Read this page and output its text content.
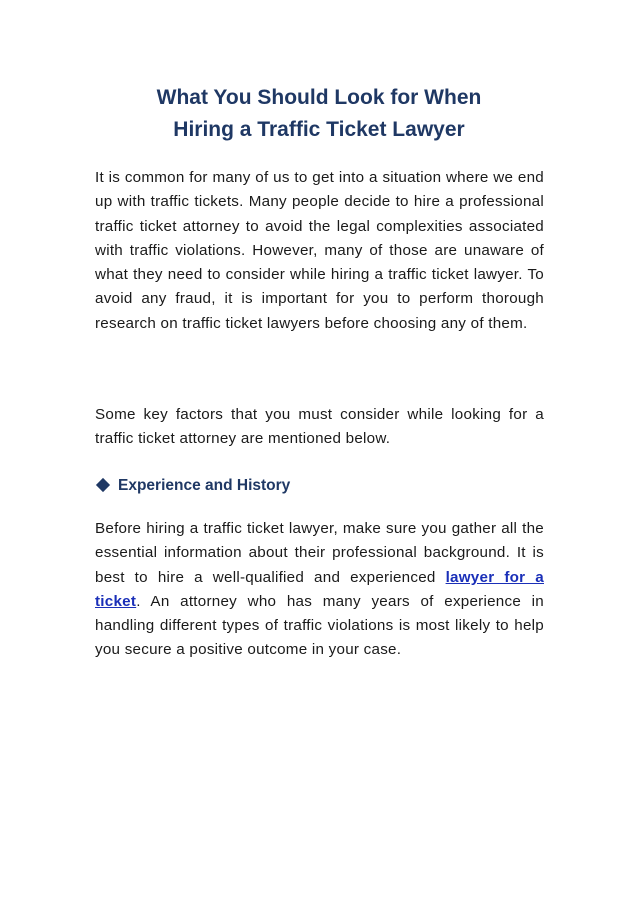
What You Should Look for When
Hiring a Traffic Ticket Lawyer

It is common for many of us to get into a situation where we end up with traffic tickets. Many people decide to hire a professional traffic ticket attorney to avoid the legal complexities associated with traffic violations. However, many of those are unaware of what they need to consider while hiring a traffic ticket lawyer. To avoid any fraud, it is important for you to perform thorough research on traffic ticket lawyers before choosing any of them.

Some key factors that you must consider while looking for a traffic ticket attorney are mentioned below.

Experience and History

Before hiring a traffic ticket lawyer, make sure you gather all the essential information about their professional background. It is best to hire a well-qualified and experienced lawyer for a ticket. An attorney who has many years of experience in handling different types of traffic violations is most likely to help you secure a positive outcome in your case.
